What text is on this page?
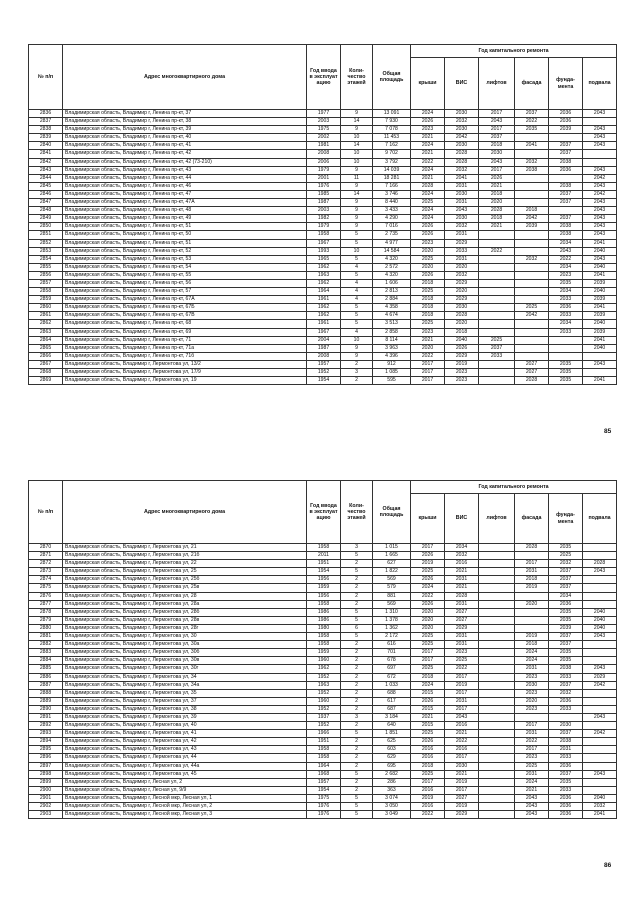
№ п/п	Адрес многоквартирного дома	Год ввода в эксплуат ацию	Коли-чество этажей	Общая площадь	Год капитального ремонта					
					крыши	ВИС	лифтов	фасада	фунда-мента	подвала
2836	Владимирская область, Владимир г, Ленина пр-кт, 37	1977	9	13 091	2024	2030	2017	2037	2036	2043
2837	Владимирская область, Владимир г, Ленина пр-кт, 38	2003	14	7 930	2026	2032	2043	2022	2036	
2838	Владимирская область, Владимир г, Ленина пр-кт, 39	1975	9	7 078	2023	2030	2017	2035	2039	2043
2839	Владимирская область, Владимир г, Ленина пр-кт, 40	2002	10	11 453	2021	2042	2037			2043
2840	Владимирская область, Владимир г, Ленина пр-кт, 41	1981	14	7 162	2024	2030	2018	2041	2037	2043
2841	Владимирская область, Владимир г, Ленина пр-кт, 42	2008	10	9 702	2021	2028	2030		2037	
2842	Владимирская область, Владимир г, Ленина пр-кт, 42 (73-210)	2006	10	3 792	2022	2028	2043	2032	2038	
2843	Владимирская область, Владимир г, Ленина пр-кт, 43	1979	9	14 039	2024	2032	2017	2038	2036	2043
2844	Владимирская область, Владимир г, Ленина пр-кт, 44	2001	11	18 281	2021	2041	2026			2042
2845	Владимирская область, Владимир г, Ленина пр-кт, 46	1976	9	7 166	2028	2031	2021		2038	2043
2846	Владимирская область, Владимир г, Ленина пр-кт, 47	1985	14	3 746	2024	2030	2018		2037	2042
2847	Владимирская область, Владимир г, Ленина пр-кт, 47А	1987	9	8 440	2025	2031	2020		2037	2043
2848	Владимирская область, Владимир г, Ленина пр-кт, 48	2003	9	3 433	2024	2043	2028	2018		2043
2849	Владимирская область, Владимир г, Ленина пр-кт, 49	1982	9	4 290	2024	2030	2018	2042	2037	2043
2850	Владимирская область, Владимир г, Ленина пр-кт, 51	1979	9	7 016	2026	2032	2021	2039	2038	2043
2851	Владимирская область, Владимир г, Ленина пр-кт, 50	1958	5	2 735	2026	2031			2038	2043
2852	Владимирская область, Владимир г, Ленина пр-кт, 51	1967	5	4 977	2023	2029			2034	2041
2853	Владимирская область, Владимир г, Ленина пр-кт, 52	1993	10	14 584	2020	2033	2022		2043	2040
2854	Владимирская область, Владимир г, Ленина пр-кт, 53	1965	5	4 320	2025	2031		2032	2022	2043
2855	Владимирская область, Владимир г, Ленина пр-кт, 54	1962	4	2 572	2020	2020			2034	2040
2856	Владимирская область, Владимир г, Ленина пр-кт, 55	1963	5	4 320	2026	2032			2023	2041
2857	Владимирская область, Владимир г, Ленина пр-кт, 56	1962	4	1 606	2018	2029			2035	2039
2858	Владимирская область, Владимир г, Ленина пр-кт, 57	1964	4	2 813	2025	2020			2034	2040
2859	Владимирская область, Владимир г, Ленина пр-кт, 67А	1961	4	2 884	2018	2029			2033	2039
2860	Владимирская область, Владимир г, Ленина пр-кт, 67Б	1962	5	4 358	2018	2030		2025	2036	2041
2861	Владимирская область, Владимир г, Ленина пр-кт, 67В	1962	5	4 674	2018	2028		2042	2033	2039
2862	Владимирская область, Владимир г, Ленина пр-кт, 68	1961	5	3 513	2025	2020			2034	2040
2863	Владимирская область, Владимир г, Ленина пр-кт, 69	1967	4	2 858	2023	2018			2033	2039
2864	Владимирская область, Владимир г, Ленина пр-кт, 71	2004	10	8 114	2021	2040	2025			2041
2865	Владимирская область, Владимир г, Ленина пр-кт, 71а	1987	9	3 963	2020	2026	2037			2040
2866	Владимирская область, Владимир г, Ленина пр-кт, 71б	2008	9	4 396	2022	2029	2033			
2867	Владимирская область, Владимир г, Лермонтова ул, 13/2	1957	2	912	2017	2019		2027	2035	2043
2868	Владимирская область, Владимир г, Лермонтова ул, 17/9	1952	3	1 085	2017	2023		2027	2035	
2869	Владимирская область, Владимир г, Лермонтова ул, 19	1954	2	595	2017	2023		2028	2035	2041
85
№ п/п	Адрес многоквартирного дома	Год ввода в эксплуат ацию	Коли-чество этажей	Общая площадь	Год капитального ремонта					
					крыши	ВИС	лифтов	фасада	фунда-мента	подвала
2870	Владимирская область, Владимир г, Лермонтова ул, 21	1958	3	1 015	2017	2034		2028	2035	
2871	Владимирская область, Владимир г, Лермонтова ул, 21б	2011	5	1 665	2026	2032			2025	
2872	Владимирская область, Владимир г, Лермонтова ул, 22	1951	2	627	2019	2016		2017	2032	2028
2873	Владимирская область, Владимир г, Лермонтова ул, 25	1954	5	1 822	2025	2021		2031	2037	2043
2874	Владимирская область, Владимир г, Лермонтова ул, 25б	1956	2	569	2026	2031		2018	2037	
2875	Владимирская область, Владимир г, Лермонтова ул, 25в	1959	2	579	2024	2021		2019	2037	
2876	Владимирская область, Владимир г, Лермонтова ул, 28	1956	2	881	2022	2028			2034	
2877	Владимирская область, Владимир г, Лермонтова ул, 28а	1958	2	569	2026	2031		2020	2036	
2878	Владимирская область, Владимир г, Лермонтова ул, 28б	1986	5	1 310	2020	2027			2035	2040
2879	Владимирская область, Владимир г, Лермонтова ул, 28в	1986	5	1 378	2020	2027			2035	2040
2880	Владимирская область, Владимир г, Лермонтова ул, 28г	1980	6	1 362	2020	2029			2039	2040
2881	Владимирская область, Владимир г, Лермонтова ул, 30	1958	5	2 172	2025	2031		2019	2037	2043
2882	Владимирская область, Владимир г, Лермонтова ул, 30а	1958	2	616	2025	2031		2018	2037	
2883	Владимирская область, Владимир г, Лермонтова ул, 30б	1959	2	701	2017	2023		2024	2035	
2884	Владимирская область, Владимир г, Лермонтова ул, 30в	1960	2	678	2017	2025		2024	2035	
2885	Владимирская область, Владимир г, Лермонтова ул, 30г	1962	2	697	2025	2022		2031	2038	2043
2886	Владимирская область, Владимир г, Лермонтова ул, 34	1952	2	672	2018	2017		2023	2033	2029
2887	Владимирская область, Владимир г, Лермонтова ул, 34а	1963	2	1 033	2024	2019		2030	2037	2042
2888	Владимирская область, Владимир г, Лермонтова ул, 35	1952	2	688	2015	2017		2023	2032	
2889	Владимирская область, Владимир г, Лермонтова ул, 37	1960	2	617	2026	2031		2020	2036	
2890	Владимирская область, Владимир г, Лермонтова ул, 38	1952	2	687	2015	2017		2023	2033	
2891	Владимирская область, Владимир г, Лермонтова ул, 39	1937	3	3 184	2021	2043				2043
2892	Владимирская область, Владимир г, Лермонтова ул, 40	1952	2	640	2015	2016		2017	2030	
2893	Владимирская область, Владимир г, Лермонтова ул, 41	1966	5	1 851	2025	2021		2031	2037	2042
2894	Владимирская область, Владимир г, Лермонтова ул, 42	1951	2	625	2026	2022		2022	2038	
2895	Владимирская область, Владимир г, Лермонтова ул, 43	1958	2	603	2016	2016		2017	2031	
2896	Владимирская область, Владимир г, Лермонтова ул, 44	1958	2	629	2016	2017		2023	2033	
2897	Владимирская область, Владимир г, Лермонтова ул, 44а	1964	2	695	2018	2030		2025	2036	
2898	Владимирская область, Владимир г, Лермонтова ул, 45	1968	5	2 682	2025	2021		2031	2037	2043
2899	Владимирская область, Владимир г, Лесная ул, 2	1957	2	286	2017	2019		2024	2035	
2900	Владимирская область, Владимир г, Лесная ул, 9/9	1954	2	363	2016	2017		2021	2033	
2901	Владимирская область, Владимир г, Лесной мкр, Лесная ул, 1	1975	5	3 074	2019	2027		2043	2036	2040
2902	Владимирская область, Владимир г, Лесной мкр, Лесная ул, 2	1976	5	3 050	2016	2019		2043	2036	2032
2903	Владимирская область, Владимир г, Лесной мкр, Лесная ул, 3	1976	5	3 049	2022	2029		2043	2036	2041
86
